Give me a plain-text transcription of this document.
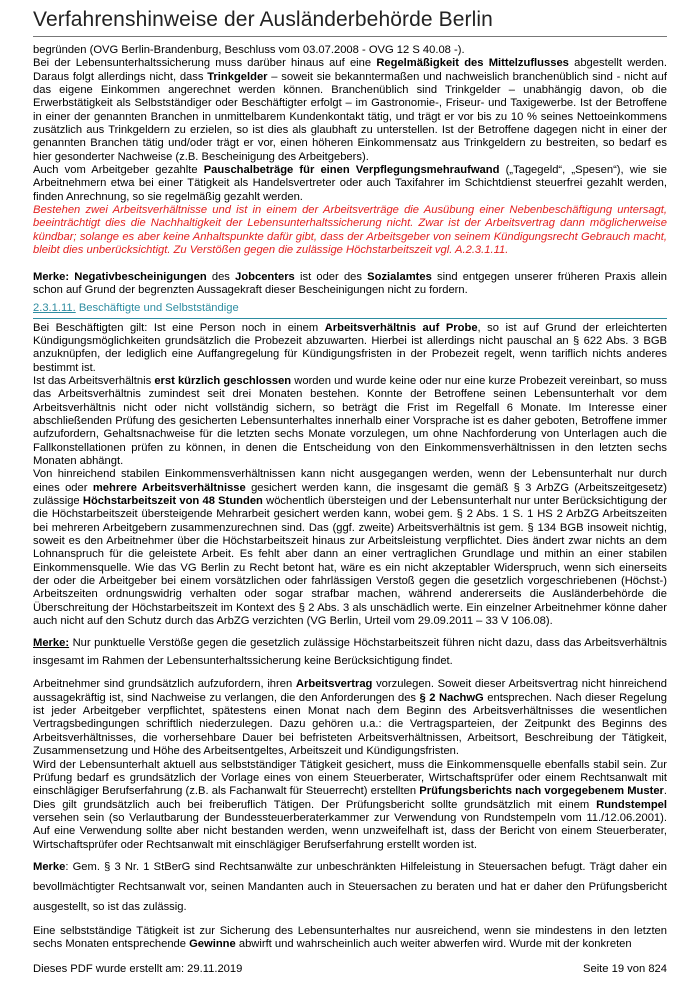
Verfahrenshinweise der Ausländerbehörde Berlin

begründen (OVG Berlin-Brandenburg, Beschluss vom 03.07.2008 - OVG 12 S 40.08 -).

Bei der Lebensunterhaltssicherung muss darüber hinaus auf eine Regelmäßigkeit des Mittelzuflusses abgestellt werden. Daraus folgt allerdings nicht, dass Trinkgelder – soweit sie bekanntermaßen und nachweislich branchenüblich sind - nicht auf das eigene Einkommen angerechnet werden können. Branchenüblich sind Trinkgelder – unabhängig davon, ob die Erwerbstätigkeit als Selbstständiger oder Beschäftigter erfolgt – im Gastronomie-, Friseur- und Taxigewerbe. Ist der Betroffene in einer der genannten Branchen in unmittelbarem Kundenkontakt tätig, und trägt er vor bis zu 10 % seines Nettoeinkommens zusätzlich aus Trinkgeldern zu erzielen, so ist dies als glaubhaft zu unterstellen. Ist der Betroffene dagegen nicht in einer der genannten Branchen tätig und/oder trägt er vor, einen höheren Einkommensatz aus Trinkgeldern zu bestreiten, so bedarf es hier gesonderter Nachweise (z.B. Bescheinigung des Arbeitgebers).

Auch vom Arbeitgeber gezahlte Pauschalbeträge für einen Verpflegungsmehraufwand („Tagegeld“, „Spesen“), wie sie Arbeitnehmern etwa bei einer Tätigkeit als Handelsvertreter oder auch Taxifahrer im Schichtdienst steuerfrei gezahlt werden, finden Anrechnung, so sie regelmäßig gezahlt werden.

Bestehen zwei Arbeitsverhältnisse und ist in einem der Arbeitsverträge die Ausübung einer Nebenbeschäftigung untersagt, beeinträchtigt dies die Nachhaltigkeit der Lebensunterhaltssicherung nicht. Zwar ist der Arbeitsvertrag dann möglicherweise kündbar; solange es aber keine Anhaltspunkte dafür gibt, dass der Arbeitsgeber von seinem Kündigungsrecht Gebrauch macht, bleibt dies unberücksichtigt. Zu Verstößen gegen die zulässige Höchstarbeitszeit vgl. A.2.3.1.11.

Merke: Negativbescheinigungen des Jobcenters ist oder des Sozialamtes sind entgegen unserer früheren Praxis allein schon auf Grund der begrenzten Aussagekraft dieser Bescheinigungen nicht zu fordern.

2.3.1.11. Beschäftigte und Selbstständige

Bei Beschäftigten gilt: Ist eine Person noch in einem Arbeitsverhältnis auf Probe, so ist auf Grund der erleichterten Kündigungsmöglichkeiten grundsätzlich die Probezeit abzuwarten. Hierbei ist allerdings nicht pauschal an § 622 Abs. 3 BGB anzuknüpfen, der lediglich eine Auffangregelung für Kündigungsfristen in der Probezeit regelt, wenn tariflich nichts anderes bestimmt ist.

Ist das Arbeitsverhältnis erst kürzlich geschlossen worden und wurde keine oder nur eine kurze Probezeit vereinbart, so muss das Arbeitsverhältnis zumindest seit drei Monaten bestehen. Konnte der Betroffene seinen Lebensunterhalt vor dem Arbeitsverhältnis nicht oder nicht vollständig sichern, so beträgt die Frist im Regelfall 6 Monate. Im Interesse einer abschließenden Prüfung des gesicherten Lebensunterhaltes innerhalb einer Vorsprache ist es daher geboten, Betroffene immer aufzufordern, Gehaltsnachweise für die letzten sechs Monate vorzulegen, um ohne Nachforderung von Unterlagen auch die Fallkonstellationen prüfen zu können, in denen die Entscheidung von den Einkommensverhältnissen in den letzten sechs Monaten abhängt.

Von hinreichend stabilen Einkommensverhältnissen kann nicht ausgegangen werden, wenn der Lebensunterhalt nur durch eines oder mehrere Arbeitsverhältnisse gesichert werden kann, die insgesamt die gemäß § 3 ArbZG (Arbeitszeitgesetz) zulässige Höchstarbeitszeit von 48 Stunden wöchentlich übersteigen und der Lebensunterhalt nur unter Berücksichtigung der die Höchstarbeitszeit übersteigende Mehrarbeit gesichert werden kann, wobei gem. § 2 Abs. 1 S. 1 HS 2 ArbZG Arbeitszeiten bei mehreren Arbeitgebern zusammenzurechnen sind. Das (ggf. zweite) Arbeitsverhältnis ist gem. § 134 BGB insoweit nichtig, soweit es den Arbeitnehmer über die Höchstarbeitszeit hinaus zur Arbeitsleistung verpflichtet. Dies ändert zwar nichts an dem Lohnanspruch für die geleistete Arbeit. Es fehlt aber dann an einer vertraglichen Grundlage und mithin an einer stabilen Einkommensquelle. Wie das VG Berlin zu Recht betont hat, wäre es ein nicht akzeptabler Widerspruch, wenn sich einerseits der oder die Arbeitgeber bei einem vorsätzlichen oder fahrlässigen Verstoß gegen die gesetzlich vorgeschriebenen (Höchst-) Arbeitszeiten ordnungswidrig verhalten oder sogar strafbar machen, während andererseits die Ausländerbehörde die Überschreitung der Höchstarbeitszeit im Kontext des § 2 Abs. 3 als unschädlich werte. Ein einzelner Arbeitnehmer könne daher auch nicht auf den Schutz durch das ArbZG verzichten (VG Berlin, Urteil vom 29.09.2011 – 33 V 106.08).

Merke: Nur punktuelle Verstöße gegen die gesetzlich zulässige Höchstarbeitszeit führen nicht dazu, dass das Arbeitsverhältnis insgesamt im Rahmen der Lebensunterhaltssicherung keine Berücksichtigung findet.

Arbeitnehmer sind grundsätzlich aufzufordern, ihren Arbeitsvertrag vorzulegen. Soweit dieser Arbeitsvertrag nicht hinreichend aussagekräftig ist, sind Nachweise zu verlangen, die den Anforderungen des § 2 NachwG entsprechen. Nach dieser Regelung ist jeder Arbeitgeber verpflichtet, spätestens einen Monat nach dem Beginn des Arbeitsverhältnisses die wesentlichen Vertragsbedingungen schriftlich niederzulegen. Dazu gehören u.a.: die Vertragsparteien, der Zeitpunkt des Beginns des Arbeitsverhältnisses, die vorhersehbare Dauer bei befristeten Arbeitsverhältnissen, Arbeitsort, Beschreibung der Tätigkeit, Zusammensetzung und Höhe des Arbeitsentgeltes, Arbeitszeit und Kündigungsfristen.

Wird der Lebensunterhalt aktuell aus selbstständiger Tätigkeit gesichert, muss die Einkommensquelle ebenfalls stabil sein. Zur Prüfung bedarf es grundsätzlich der Vorlage eines von einem Steuerberater, Wirtschaftsprüfer oder einem Rechtsanwalt mit einschlägiger Berufserfahrung (z.B. als Fachanwalt für Steuerrecht) erstellten Prüfungsberichts nach vorgegebenem Muster. Dies gilt grundsätzlich auch bei freiberuflich Tätigen. Der Prüfungsbericht sollte grundsätzlich mit einem Rundstempel versehen sein (so Verlautbarung der Bundessteuerberaterkammer zur Verwendung von Rundstempeln vom 11./12.06.2001). Auf eine Verwendung sollte aber nicht bestanden werden, wenn unzweifelhaft ist, dass der Bericht von einem Steuerberater, Wirtschaftsprüfer oder Rechtsanwalt mit einschlägiger Berufserfahrung erstellt worden ist.

Merke: Gem. § 3 Nr. 1 StBerG sind Rechtsanwälte zur unbeschränkten Hilfeleistung in Steuersachen befugt. Trägt daher ein bevollmächtigter Rechtsanwalt vor, seinen Mandanten auch in Steuersachen zu beraten und hat er daher den Prüfungsbericht ausgestellt, so ist das zulässig.

Eine selbstständige Tätigkeit ist zur Sicherung des Lebensunterhaltes nur ausreichend, wenn sie mindestens in den letzten sechs Monaten entsprechende Gewinne abwirft und wahrscheinlich auch weiter abwerfen wird. Wurde mit der konkreten

Dieses PDF wurde erstellt am: 29.11.2019	Seite 19 von 824
